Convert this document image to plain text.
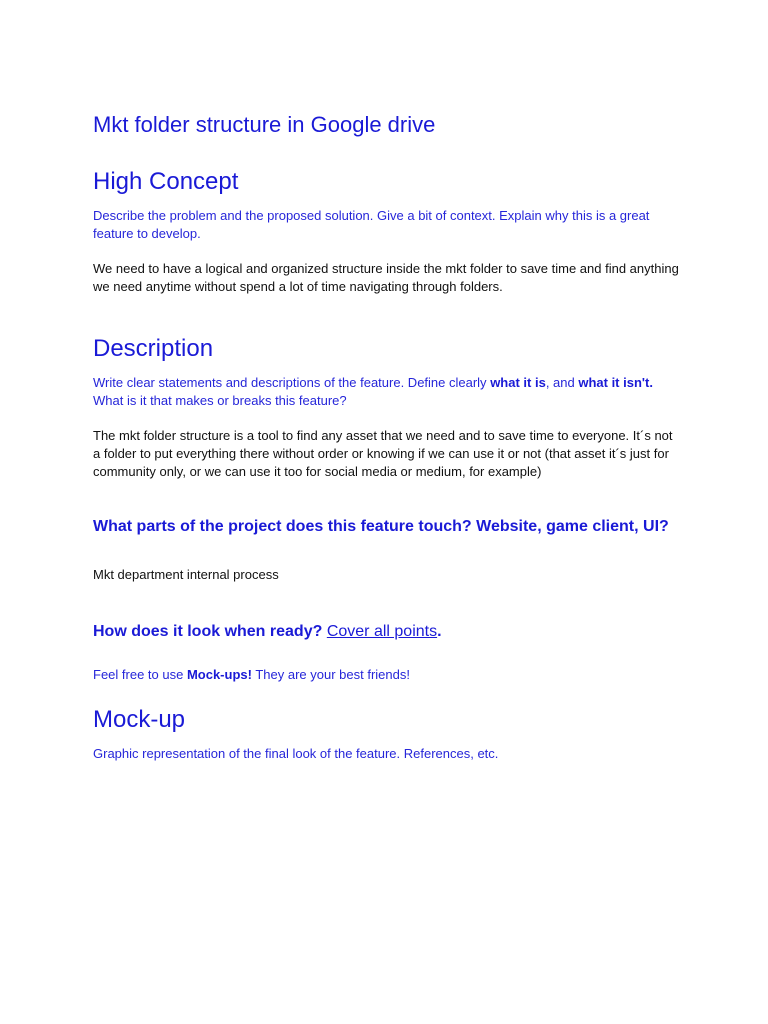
Mkt folder structure in Google drive
High Concept

Describe the problem and the proposed solution. Give a bit of context. Explain why this is a great feature to develop.

We need to have a logical and organized structure inside the mkt folder to save time and find anything we need anytime without spend a lot of time navigating through folders.

Description

Write clear statements and descriptions of the feature. Define clearly what it is, and what it isn't. What is it that makes or breaks this feature?

The mkt folder structure is a tool to find any asset that we need and to save time to everyone. It´s not a folder to put everything there without order or knowing if we can use it or not (that asset it´s just for community only, or we can use it too for social media or medium, for example)

What parts of the project does this feature touch? Website, game client, UI?

Mkt department internal process

How does it look when ready? Cover all points.

Feel free to use Mock-ups! They are your best friends!

Mock-up

Graphic representation of the final look of the feature. References, etc.
